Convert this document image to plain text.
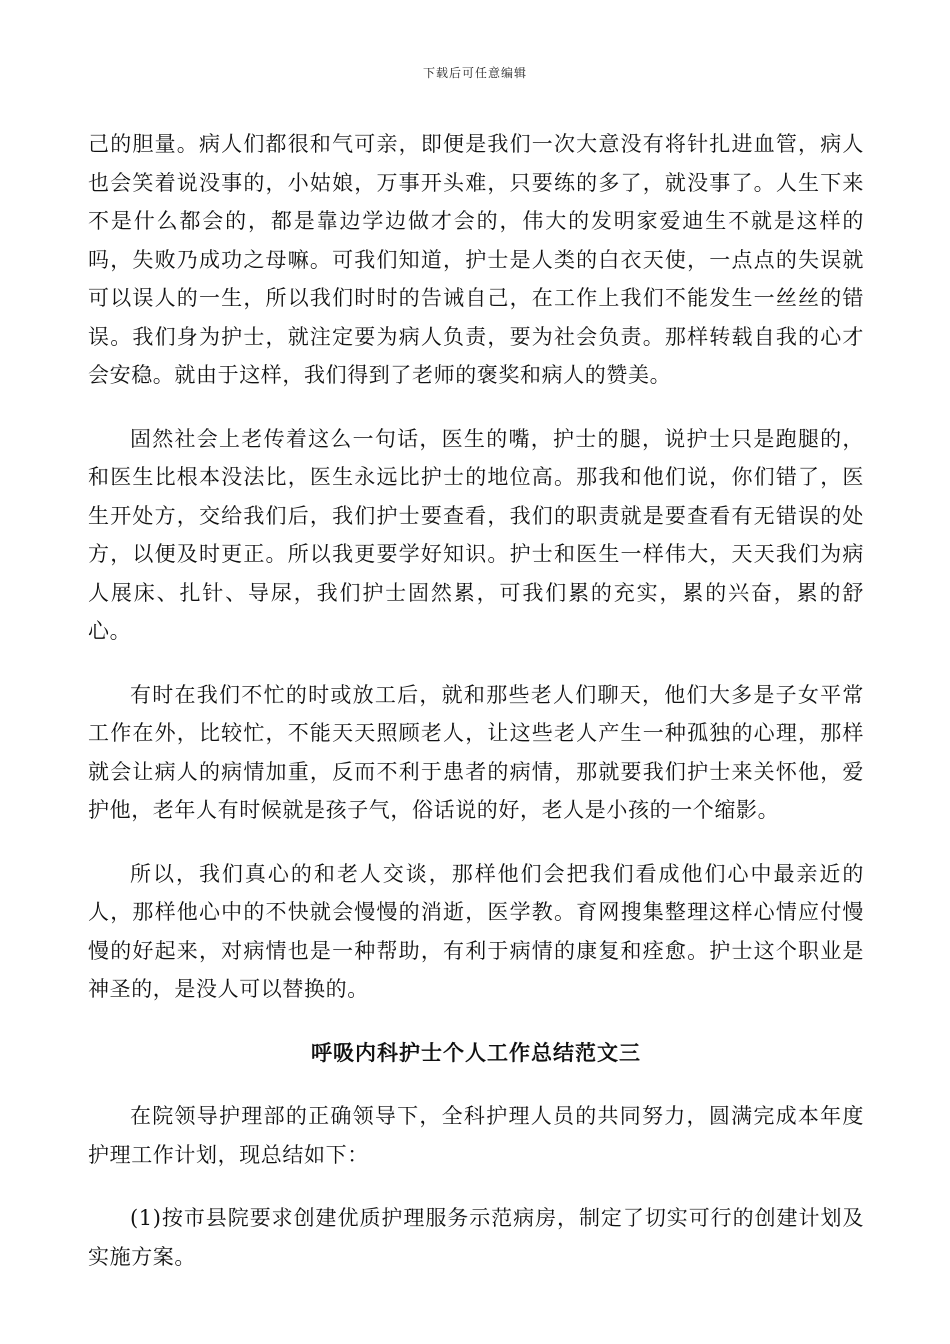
下载后可任意编辑

己的胆量。病人们都很和气可亲，即便是我们一次大意没有将针扎进血管，病人也会笑着说没事的，小姑娘，万事开头难，只要练的多了，就没事了。人生下来不是什么都会的，都是靠边学边做才会的，伟大的发明家爱迪生不就是这样的吗，失败乃成功之母嘛。可我们知道，护士是人类的白衣天使，一点点的失误就可以误人的一生，所以我们时时的告诫自己，在工作上我们不能发生一丝丝的错误。我们身为护士，就注定要为病人负责，要为社会负责。那样转载自我的心才会安稳。就由于这样，我们得到了老师的褒奖和病人的赞美。

固然社会上老传着这么一句话，医生的嘴，护士的腿，说护士只是跑腿的，和医生比根本没法比，医生永远比护士的地位高。那我和他们说，你们错了，医生开处方，交给我们后，我们护士要查看，我们的职责就是要查看有无错误的处方，以便及时更正。所以我更要学好知识。护士和医生一样伟大，天天我们为病人展床、扎针、导尿，我们护士固然累，可我们累的充实，累的兴奋，累的舒心。

有时在我们不忙的时或放工后，就和那些老人们聊天，他们大多是子女平常工作在外，比较忙，不能天天照顾老人，让这些老人产生一种孤独的心理，那样就会让病人的病情加重，反而不利于患者的病情，那就要我们护士来关怀他，爱护他，老年人有时候就是孩子气，俗话说的好，老人是小孩的一个缩影。

所以，我们真心的和老人交谈，那样他们会把我们看成他们心中最亲近的人，那样他心中的不快就会慢慢的消逝，医学教。育网搜集整理这样心情应付慢慢的好起来，对病情也是一种帮助，有利于病情的康复和痊愈。护士这个职业是神圣的，是没人可以替换的。

呼吸内科护士个人工作总结范文三

在院领导护理部的正确领导下，全科护理人员的共同努力，圆满完成本年度护理工作计划，现总结如下：

(1)按市县院要求创建优质护理服务示范病房，制定了切实可行的创建计划及实施方案。
